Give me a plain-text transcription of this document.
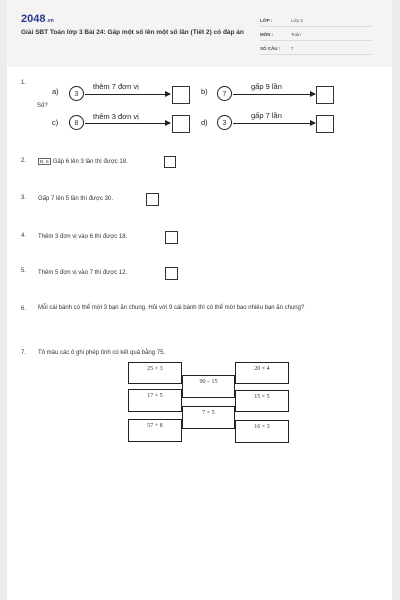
2048.vn
Giải SBT Toán lớp 3 Bài 24: Gấp một số lên một số lần (Tiết 2) có đáp án
LỚP :	Lớp 3
MÔN :	Toán
SỐ CÂU : 7
1.
Số?
a)	3
thêm 7 đơn vị
b)	7
gấp 9 lần
c)	8
thêm 3 đơn vị
d)	3
gấp 7 lần
2.	Đ, S Gấp 6 lên 3 lần thì được 18.
3. Gấp 7 lên 5 lần thì được 30.
4. Thêm 3 đơn vị vào 6 thì được 18.
5. Thêm 5 đơn vị vào 7 thì được 12.
6. Mỗi cái bánh có thể mời 3 bạn ăn chung. Hỏi với 9 cái bánh thì có thể mời bao nhiêu bạn ăn chung?
7. Tô màu các ô ghi phép tính có kết quả bằng 75.
25 × 3	20 × 4
90 – 15
17 × 5	15 × 5
7 × 5
57 + 8	16 × 3
